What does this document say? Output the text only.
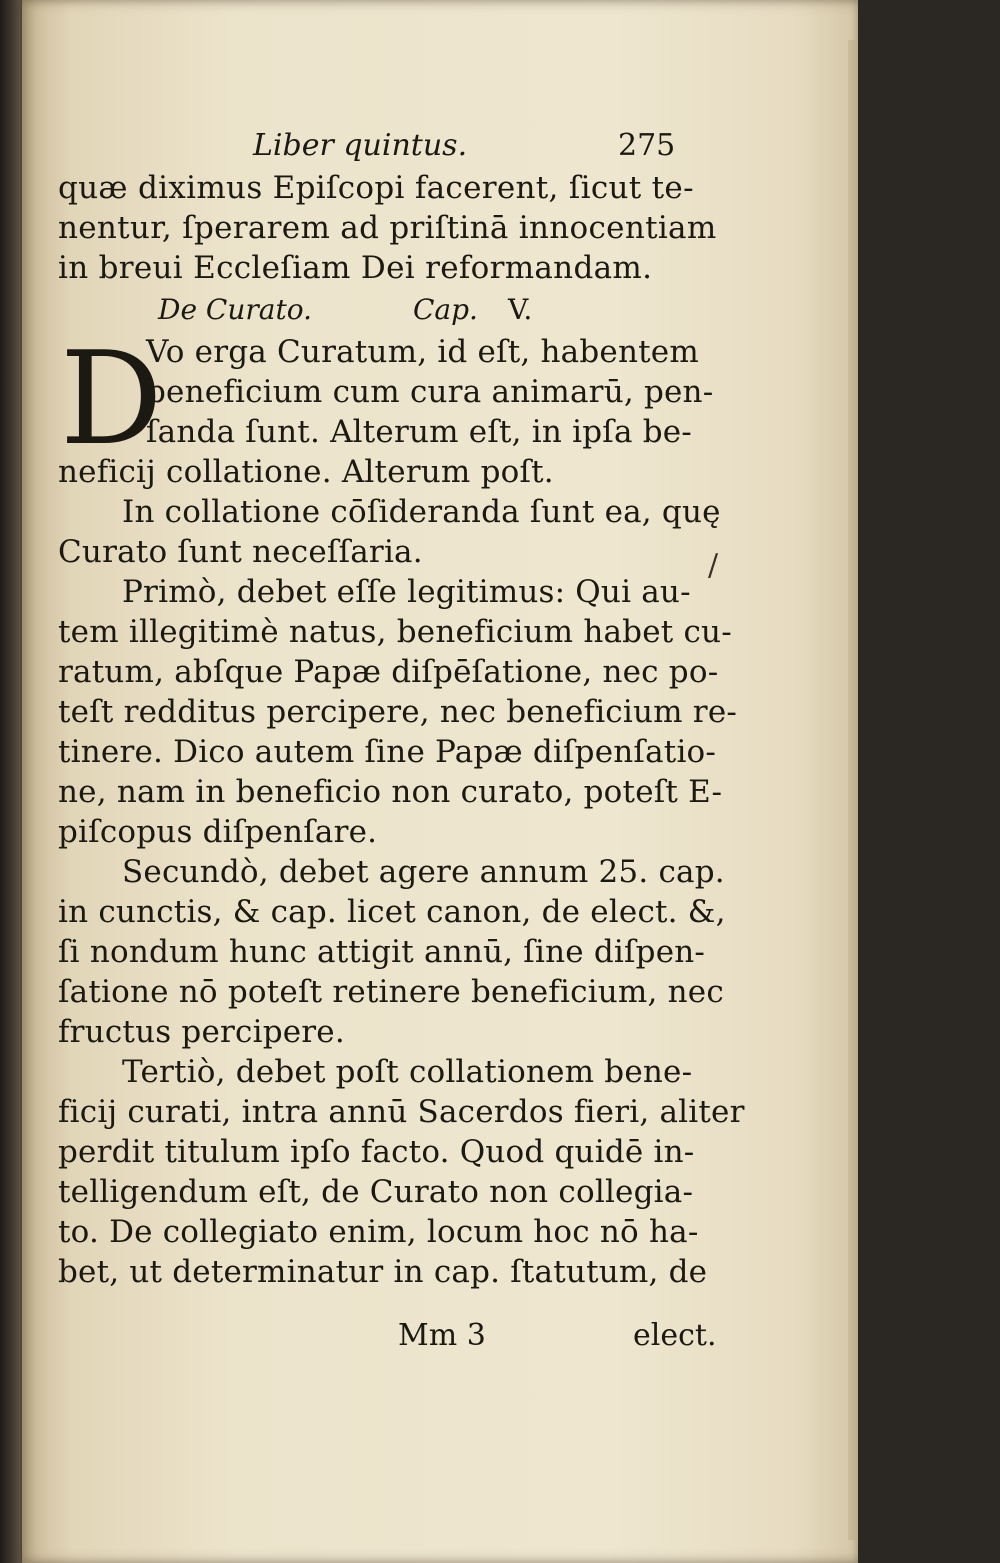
Liber quintus.	275
quæ diximus Epiſcopi facerent, ſicut te-
nentur, ſperarem ad priſtinā innocentiam
in breui Eccleſiam Dei reformandam.
De Curato.	Cap. V.
D
Vo erga Curatum, id eſt, habentem
beneficium cum cura animarū, pen-
ſanda ſunt. Alterum eſt, in ipſa be-
neficij collatione. Alterum poſt.
In collatione cōſideranda ſunt ea, quę
Curato ſunt neceſſaria.
Primò, debet eſſe legitimus: Qui au-
tem illegitimè natus, beneficium habet cu-
ratum, abſque Papæ diſpēſatione, nec po-
teſt redditus percipere, nec beneficium re-
tinere. Dico autem ſine Papæ diſpenſatio-
ne, nam in beneficio non curato, poteſt E-
piſcopus diſpenſare.
Secundò, debet agere annum 25. cap.
in cunctis, & cap. licet canon, de elect. &,
ſi nondum hunc attigit annū, ſine diſpen-
ſatione nō poteſt retinere beneficium, nec
fructus percipere.
Tertiò, debet poſt collationem bene-
ficij curati, intra annū Sacerdos fieri, aliter
perdit titulum ipſo facto. Quod quidē in-
telligendum eſt, de Curato non collegia-
to. De collegiato enim, locum hoc nō ha-
bet, ut determinatur in cap. ſtatutum, de
/
Mm 3	elect.
